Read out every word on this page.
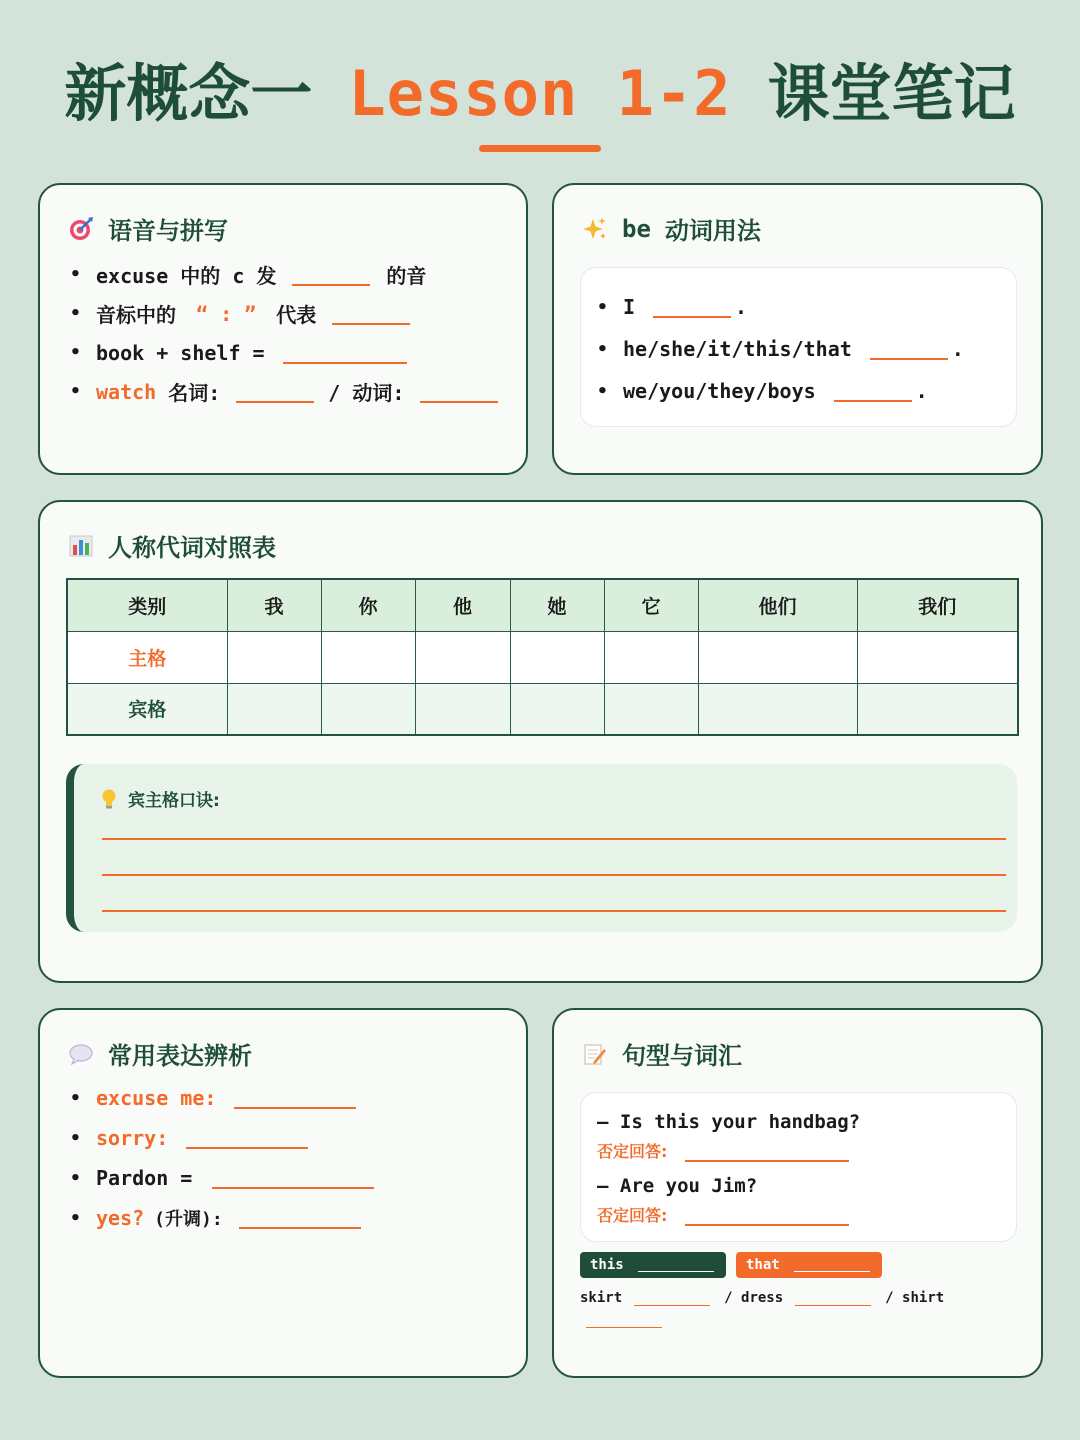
新概念一 Lesson 1-2 课堂笔记
语音与拼写
• excuse 中的 c 发	的音
• 音标中的 “ : ” 代表
• book + shelf =
• watch 名词:	/ 动词:
be 动词用法
• I	.
• he/she/it/this/that	.
• we/you/they/boys	.
人称代词对照表
类别	我	你	他	她	它	他们	我们
主格							
宾格							
宾主格口诀:
常用表达辨析
• excuse me:
• sorry:
• Pardon =
• yes? (升调):
句型与词汇
– Is this your handbag?
否定回答:
– Are you Jim?
否定回答:
this	that
skirt	/ dress	/ shirt
